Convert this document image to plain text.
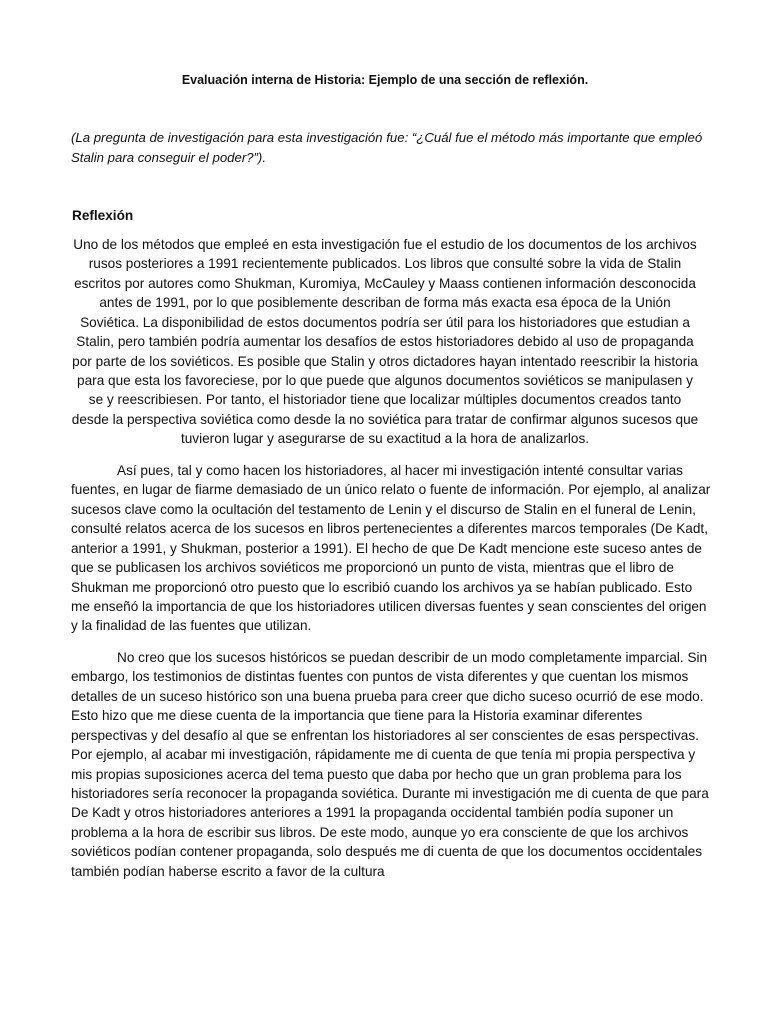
Evaluación interna de Historia: Ejemplo de una sección de reflexión.

(La pregunta de investigación para esta investigación fue: “¿Cuál fue el método más importante que empleó Stalin para conseguir el poder?”).

Reflexión

Uno de los métodos que empleé en esta investigación fue el estudio de los documentos de los archivos rusos posteriores a 1991 recientemente publicados. Los libros que consulté sobre la vida de Stalin escritos por autores como Shukman, Kuromiya, McCauley y Maass contienen información desconocida antes de 1991, por lo que posiblemente describan de forma más exacta esa época de la Unión Soviética. La disponibilidad de estos documentos podría ser útil para los historiadores que estudian a Stalin, pero también podría aumentar los desafíos de estos historiadores debido al uso de propaganda por parte de los soviéticos. Es posible que Stalin y otros dictadores hayan intentado reescribir la historia para que esta los favoreciese, por lo que puede que algunos documentos soviéticos se manipulasen y se y reescribiesen. Por tanto, el historiador tiene que localizar múltiples documentos creados tanto desde la perspectiva soviética como desde la no soviética para tratar de confirmar algunos sucesos que tuvieron lugar y asegurarse de su exactitud a la hora de analizarlos.

Así pues, tal y como hacen los historiadores, al hacer mi investigación intenté consultar varias fuentes, en lugar de fiarme demasiado de un único relato o fuente de información. Por ejemplo, al analizar sucesos clave como la ocultación del testamento de Lenin y el discurso de Stalin en el funeral de Lenin, consulté relatos acerca de los sucesos en libros pertenecientes a diferentes marcos temporales (De Kadt, anterior a 1991, y Shukman, posterior a 1991). El hecho de que De Kadt mencione este suceso antes de que se publicasen los archivos soviéticos me proporcionó un punto de vista, mientras que el libro de Shukman me proporcionó otro puesto que lo escribió cuando los archivos ya se habían publicado. Esto me enseñó la importancia de que los historiadores utilicen diversas fuentes y sean conscientes del origen y la finalidad de las fuentes que utilizan.

No creo que los sucesos históricos se puedan describir de un modo completamente imparcial. Sin embargo, los testimonios de distintas fuentes con puntos de vista diferentes y que cuentan los mismos detalles de un suceso histórico son una buena prueba para creer que dicho suceso ocurrió de ese modo. Esto hizo que me diese cuenta de la importancia que tiene para la Historia examinar diferentes perspectivas y del desafío al que se enfrentan los historiadores al ser conscientes de esas perspectivas. Por ejemplo, al acabar mi investigación, rápidamente me di cuenta de que tenía mi propia perspectiva y mis propias suposiciones acerca del tema puesto que daba por hecho que un gran problema para los historiadores sería reconocer la propaganda soviética. Durante mi investigación me di cuenta de que para De Kadt y otros historiadores anteriores a 1991 la propaganda occidental también podía suponer un problema a la hora de escribir sus libros. De este modo, aunque yo era consciente de que los archivos soviéticos podían contener propaganda, solo después me di cuenta de que los documentos occidentales también podían haberse escrito a favor de la cultura
